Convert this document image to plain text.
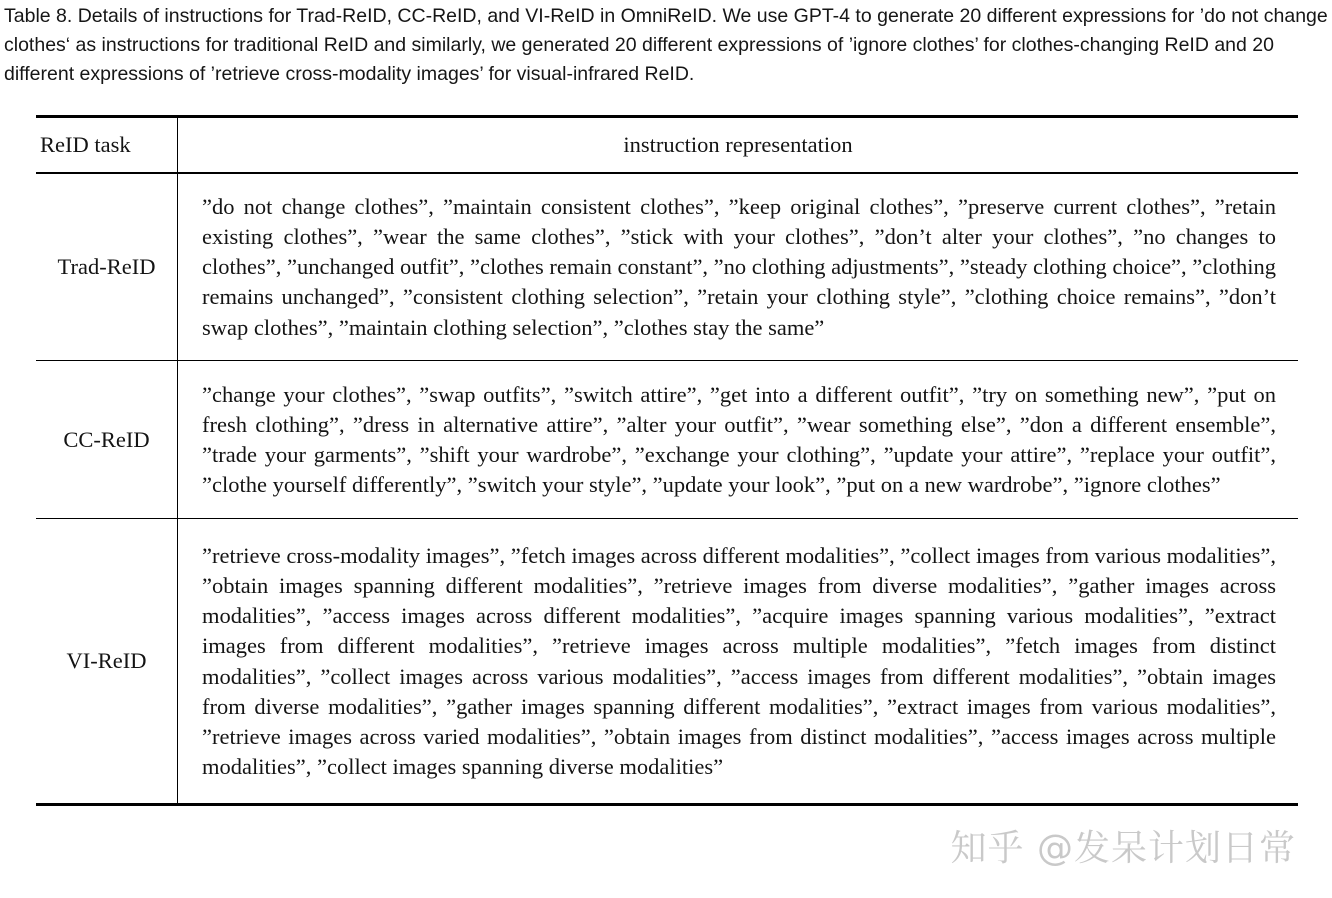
Table 8. Details of instructions for Trad-ReID, CC-ReID, and VI-ReID in OmniReID. We use GPT-4 to generate 20 different expressions for ’do not change clothes‘ as instructions for traditional ReID and similarly, we generated 20 different expressions of ’ignore clothes’ for clothes-changing ReID and 20 different expressions of ’retrieve cross-modality images’ for visual-infrared ReID.

ReID task	instruction representation
Trad-ReID	”do not change clothes”, ”maintain consistent clothes”, ”keep original clothes”, ”preserve current clothes”, ”retain existing clothes”, ”wear the same clothes”, ”stick with your clothes”, ”don’t alter your clothes”, ”no changes to clothes”, ”unchanged outfit”, ”clothes remain constant”, ”no clothing adjustments”, ”steady clothing choice”, ”clothing remains unchanged”, ”consistent clothing selection”, ”retain your clothing style”, ”clothing choice remains”, ”don’t swap clothes”, ”maintain clothing selection”, ”clothes stay the same”
CC-ReID	”change your clothes”, ”swap outfits”, ”switch attire”, ”get into a different outfit”, ”try on something new”, ”put on fresh clothing”, ”dress in alternative attire”, ”alter your outfit”, ”wear something else”, ”don a different ensemble”, ”trade your garments”, ”shift your wardrobe”, ”exchange your clothing”, ”update your attire”, ”replace your outfit”, ”clothe yourself differently”, ”switch your style”, ”update your look”, ”put on a new wardrobe”, ”ignore clothes”
VI-ReID	”retrieve cross-modality images”, ”fetch images across different modalities”, ”collect images from various modalities”, ”obtain images spanning different modalities”, ”retrieve images from diverse modalities”, ”gather images across modalities”, ”access images across different modalities”, ”acquire images spanning various modalities”, ”extract images from different modalities”, ”retrieve images across multiple modalities”, ”fetch images from distinct modalities”, ”collect images across various modalities”, ”access images from different modalities”, ”obtain images from diverse modalities”, ”gather images spanning different modalities”, ”extract images from various modalities”, ”retrieve images across varied modalities”, ”obtain images from distinct modalities”, ”access images across multiple modalities”, ”collect images spanning diverse modalities”
知乎 @发呆计划日常
